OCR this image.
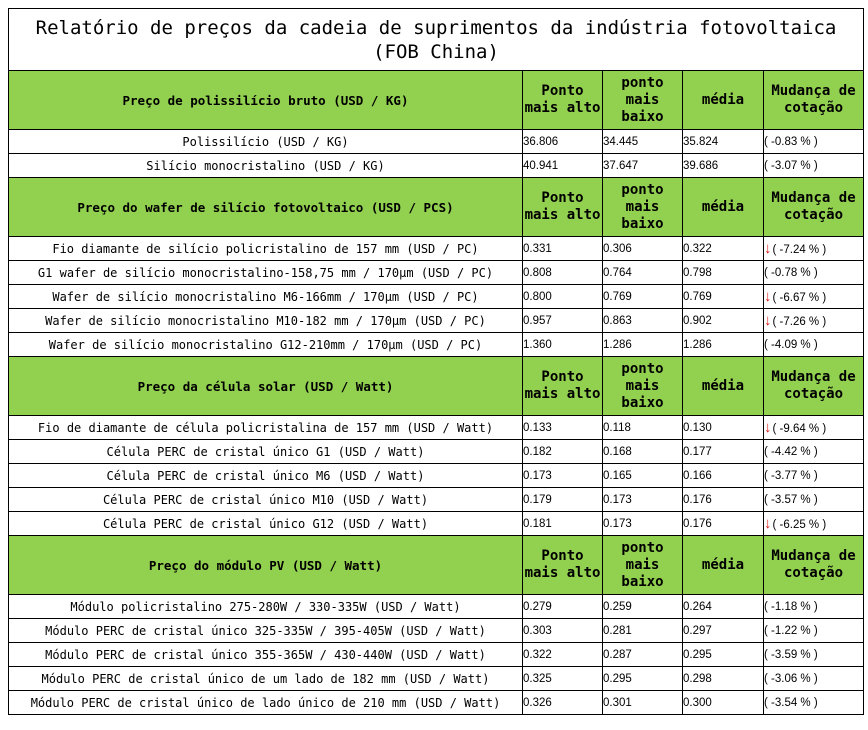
Relatório de preços da cadeia de suprimentos da indústria fotovoltaica (FOB China)				
Preço de polissilício bruto (USD / KG)	Ponto mais alto	ponto mais baixo	média	Mudança de cotação
Polissilício (USD / KG)	36.806	34.445	35.824	( -0.83 % )
Silício monocristalino (USD / KG)	40.941	37.647	39.686	( -3.07 % )
Preço do wafer de silício fotovoltaico (USD / PCS)	Ponto mais alto	ponto mais baixo	média	Mudança de cotação
Fio diamante de silício policristalino de 157 mm (USD / PC)	0.331	0.306	0.322	↓( -7.24 % )
G1 wafer de silício monocristalino-158,75 mm / 170μm (USD / PC)	0.808	0.764	0.798	( -0.78 % )
Wafer de silício monocristalino M6-166mm / 170μm (USD / PC)	0.800	0.769	0.769	↓( -6.67 % )
Wafer de silício monocristalino M10-182 mm / 170μm (USD / PC)	0.957	0.863	0.902	↓( -7.26 % )
Wafer de silício monocristalino G12-210mm / 170μm (USD / PC)	1.360	1.286	1.286	( -4.09 % )
Preço da célula solar (USD / Watt)	Ponto mais alto	ponto mais baixo	média	Mudança de cotação
Fio de diamante de célula policristalina de 157 mm (USD / Watt)	0.133	0.118	0.130	↓( -9.64 % )
Célula PERC de cristal único G1 (USD / Watt)	0.182	0.168	0.177	( -4.42 % )
Célula PERC de cristal único M6 (USD / Watt)	0.173	0.165	0.166	( -3.77 % )
Célula PERC de cristal único M10 (USD / Watt)	0.179	0.173	0.176	( -3.57 % )
Célula PERC de cristal único G12 (USD / Watt)	0.181	0.173	0.176	↓( -6.25 % )
Preço do módulo PV (USD / Watt)	Ponto mais alto	ponto mais baixo	média	Mudança de cotação
Módulo policristalino 275-280W / 330-335W (USD / Watt)	0.279	0.259	0.264	( -1.18 % )
Módulo PERC de cristal único 325-335W / 395-405W (USD / Watt)	0.303	0.281	0.297	( -1.22 % )
Módulo PERC de cristal único 355-365W / 430-440W (USD / Watt)	0.322	0.287	0.295	( -3.59 % )
Módulo PERC de cristal único de um lado de 182 mm (USD / Watt)	0.325	0.295	0.298	( -3.06 % )
Módulo PERC de cristal único de lado único de 210 mm (USD / Watt)	0.326	0.301	0.300	( -3.54 % )
